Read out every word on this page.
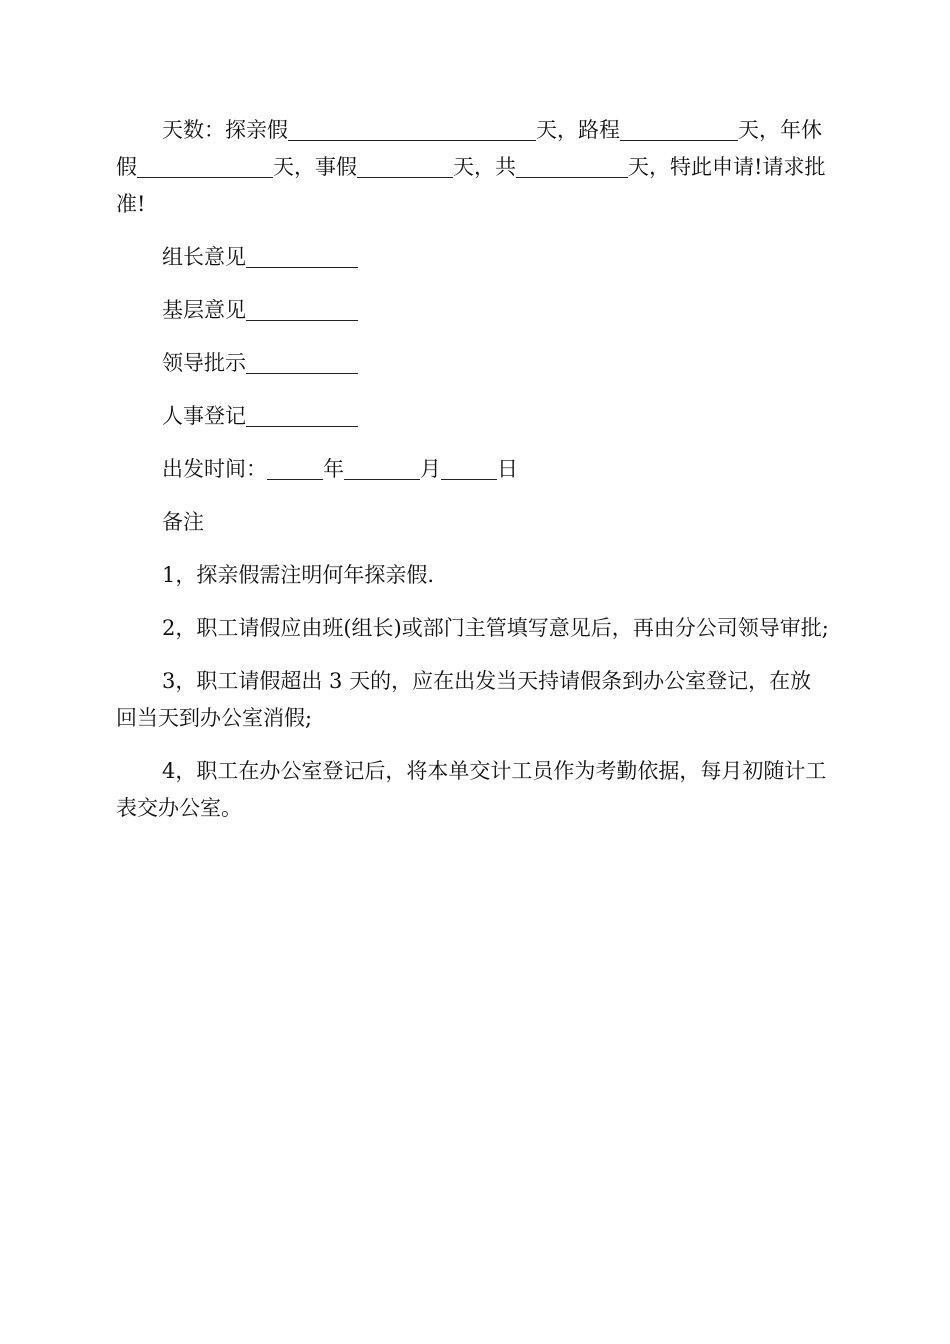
天数：探亲假	天，路程	天，年休假	天，事假	天，共	天，特此申请!请求批准!

组长意见

基层意见

领导批示

人事登记

出发时间：	年	月	日

备注

1，探亲假需注明何年探亲假.

2，职工请假应由班(组长)或部门主管填写意见后，再由分公司领导审批;

3，职工请假超出 3 天的，应在出发当天持请假条到办公室登记，在放回当天到办公室消假;

4，职工在办公室登记后，将本单交计工员作为考勤依据，每月初随计工表交办公室。
